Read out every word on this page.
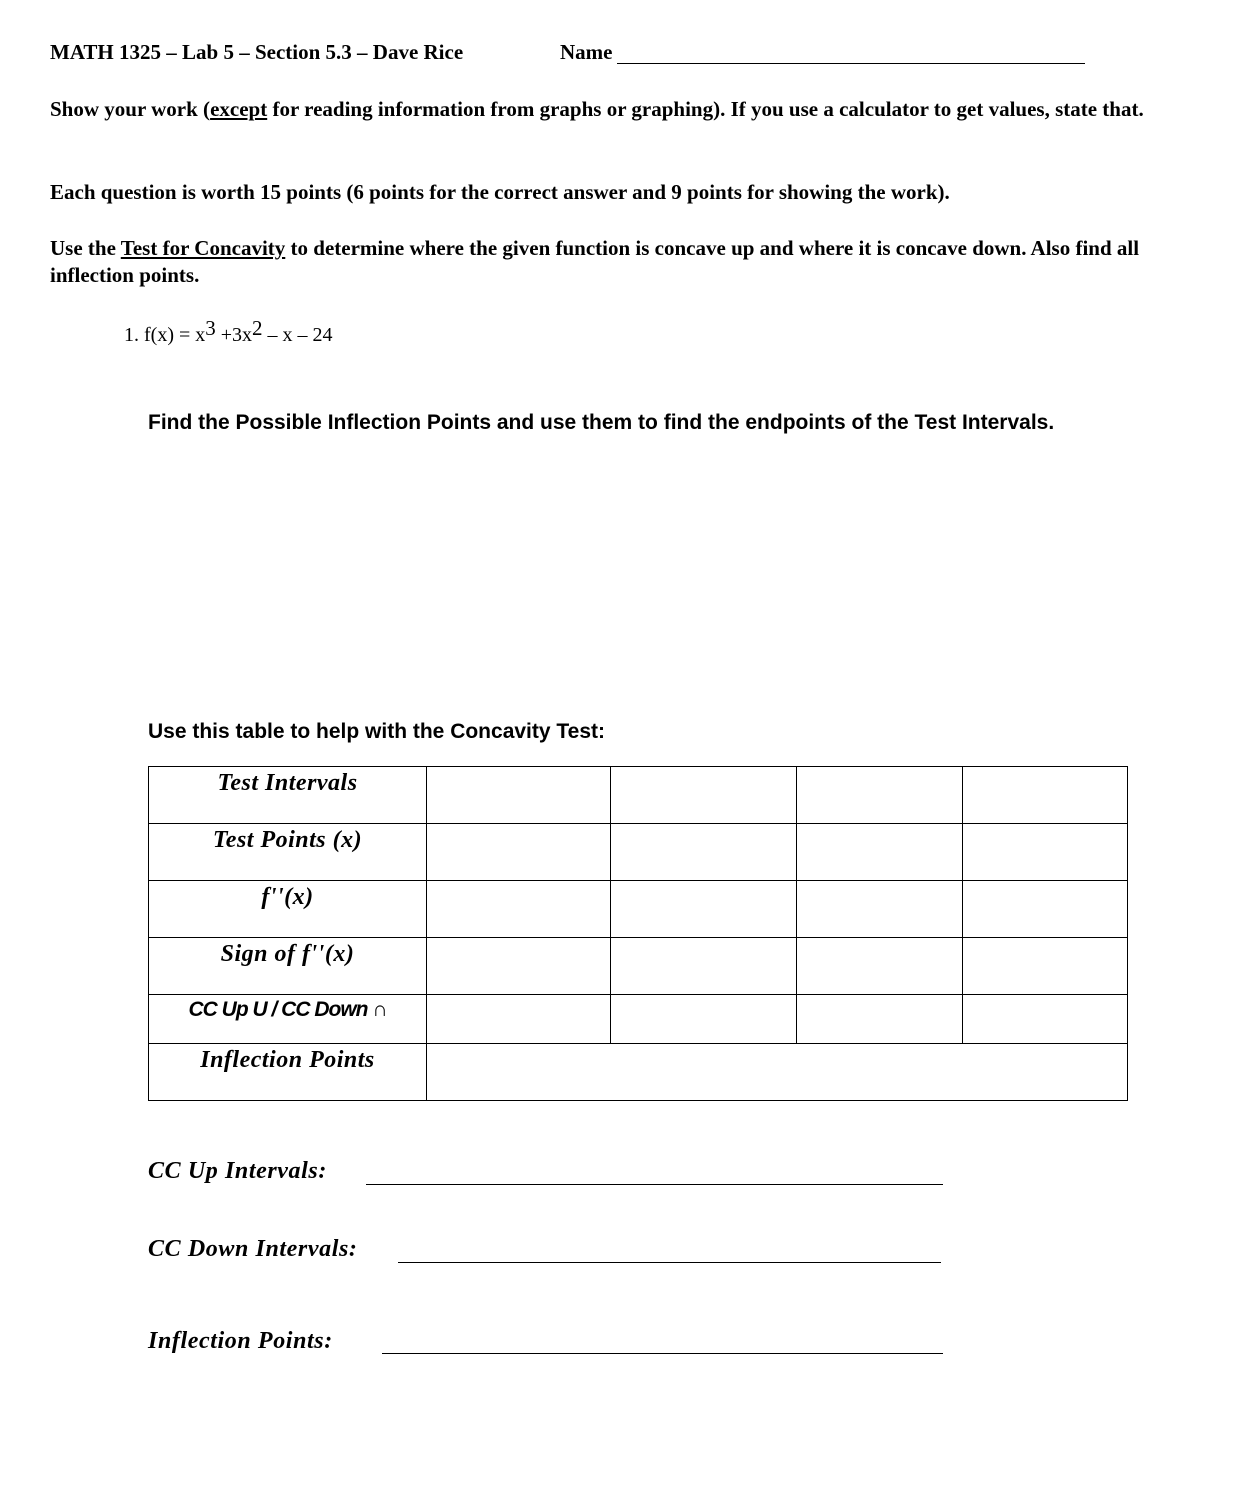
MATH 1325 – Lab 5 – Section 5.3 – Dave Rice	Name
Show your work (except for reading information from graphs or graphing). If you use a calculator to get values, state that.
Each question is worth 15 points (6 points for the correct answer and 9 points for showing the work).
Use the Test for Concavity to determine where the given function is concave up and where it is concave down. Also find all inflection points.
1. $f(x) = x^3 +3x^2 - x - 24$
Find the Possible Inflection Points and use them to find the endpoints of the Test Intervals.
Use this table to help with the Concavity Test:
Test Intervals				
Test Points (x)				
f''(x)				
Sign of f''(x)				
CC Up U / CC Down ∩				
Inflection Points				
CC Up Intervals:
CC Down Intervals:
Inflection Points:
